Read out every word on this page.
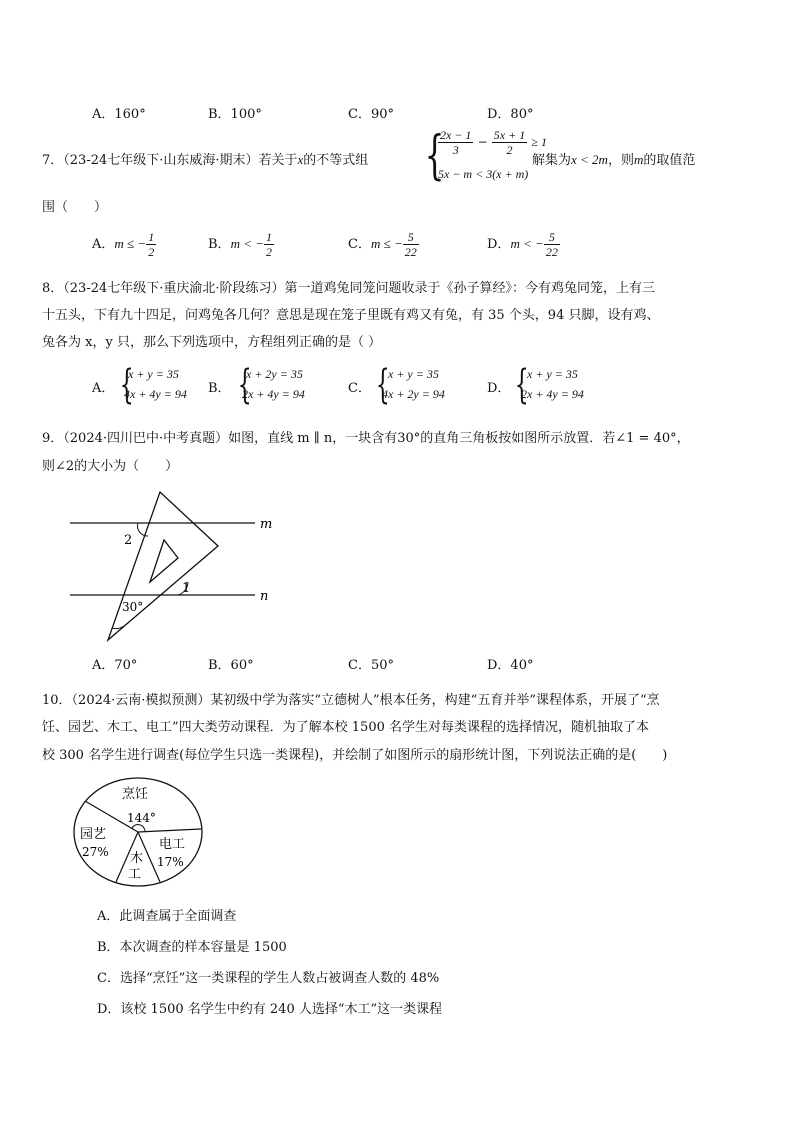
A．160°	B．100°	C．90°	D．80°
7．（23-24七年级下·山东威海·期末）若关于x的不等式组 {
$\frac{2x - 1}{3} - \frac{5x + 1}{2} \ge 1$
5x − m < 3(x + m)
解集为x < 2m，则m的取值范
围（　　）
A．m ≤ − $\frac{1}{2}$	B．m < − $\frac{1}{2}$	C．m ≤ − $\frac{5}{22}$	D．m < − $\frac{5}{22}$
8．（23-24七年级下·重庆渝北·阶段练习）第一道鸡兔同笼问题收录于《孙子算经》：今有鸡兔同笼，上有三
十五头，下有九十四足，问鸡兔各几何？意思是现在笼子里既有鸡又有兔，有 35 个头，94 只脚，设有鸡、
兔各为 x，y 只，那么下列选项中，方程组列正确的是（ ）
A． {
x + y = 35
4x + 4y = 94 B． {
x + 2y = 35
2x + 4y = 94	C． {
x + y = 35
4x + 2y = 94	D． {
x + y = 35
2x + 4y = 94
9．（2024·四川巴中·中考真题）如图，直线 m ∥ n，一块含有30°的直角三角板按如图所示放置．若∠1 = 40°，
则∠2的大小为（　　）
m
n
1
2
30°
A．70°	B．60°	C．50°	D．40°
10．（2024·云南·模拟预测）某初级中学为落实“立德树人”根本任务，构建“五育并举”课程体系，开展了“烹
饪、园艺、木工、电工”四大类劳动课程．为了解本校 1500 名学生对每类课程的选择情况，随机抽取了本
校 300 名学生进行调查(每位学生只选一类课程)，并绘制了如图所示的扇形统计图，下列说法正确的是(　　)
烹饪
144°
园艺
27% 木
工
电工
17%
A．此调查属于全面调查
B．本次调查的样本容量是 1500
C．选择“烹饪”这一类课程的学生人数占被调查人数的 48%
D．该校 1500 名学生中约有 240 人选择“木工”这一类课程
